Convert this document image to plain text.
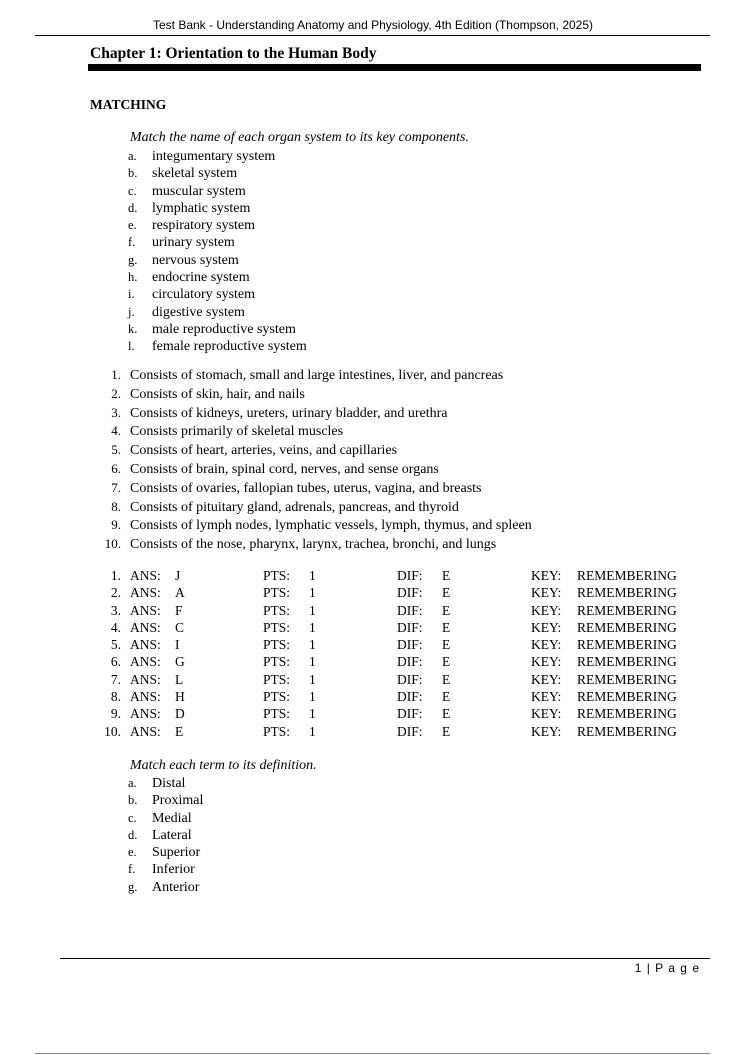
Test Bank - Understanding Anatomy and Physiology, 4th Edition (Thompson, 2025)
Chapter 1: Orientation to the Human Body
MATCHING
Match the name of each organ system to its key components.
a. integumentary system
b. skeletal system
c. muscular system
d. lymphatic system
e. respiratory system
f. urinary system
g. nervous system
h. endocrine system
i. circulatory system
j. digestive system
k. male reproductive system
l. female reproductive system
1. Consists of stomach, small and large intestines, liver, and pancreas
2. Consists of skin, hair, and nails
3. Consists of kidneys, ureters, urinary bladder, and urethra
4. Consists primarily of skeletal muscles
5. Consists of heart, arteries, veins, and capillaries
6. Consists of brain, spinal cord, nerves, and sense organs
7. Consists of ovaries, fallopian tubes, uterus, vagina, and breasts
8. Consists of pituitary gland, adrenals, pancreas, and thyroid
9. Consists of lymph nodes, lymphatic vessels, lymph, thymus, and spleen
10. Consists of the nose, pharynx, larynx, trachea, bronchi, and lungs
1. ANS: J	PTS: 1	DIF: E	KEY: REMEMBERING
2. ANS: A	PTS: 1	DIF: E	KEY: REMEMBERING
3. ANS: F	PTS: 1	DIF: E	KEY: REMEMBERING
4. ANS: C	PTS: 1	DIF: E	KEY: REMEMBERING
5. ANS: I	PTS: 1	DIF: E	KEY: REMEMBERING
6. ANS: G	PTS: 1	DIF: E	KEY: REMEMBERING
7. ANS: L	PTS: 1	DIF: E	KEY: REMEMBERING
8. ANS: H	PTS: 1	DIF: E	KEY: REMEMBERING
9. ANS: D	PTS: 1	DIF: E	KEY: REMEMBERING
10. ANS: E	PTS: 1	DIF: E	KEY: REMEMBERING
Match each term to its definition.
a. Distal
b. Proximal
c. Medial
d. Lateral
e. Superior
f. Inferior
g. Anterior
1 | P a g e
